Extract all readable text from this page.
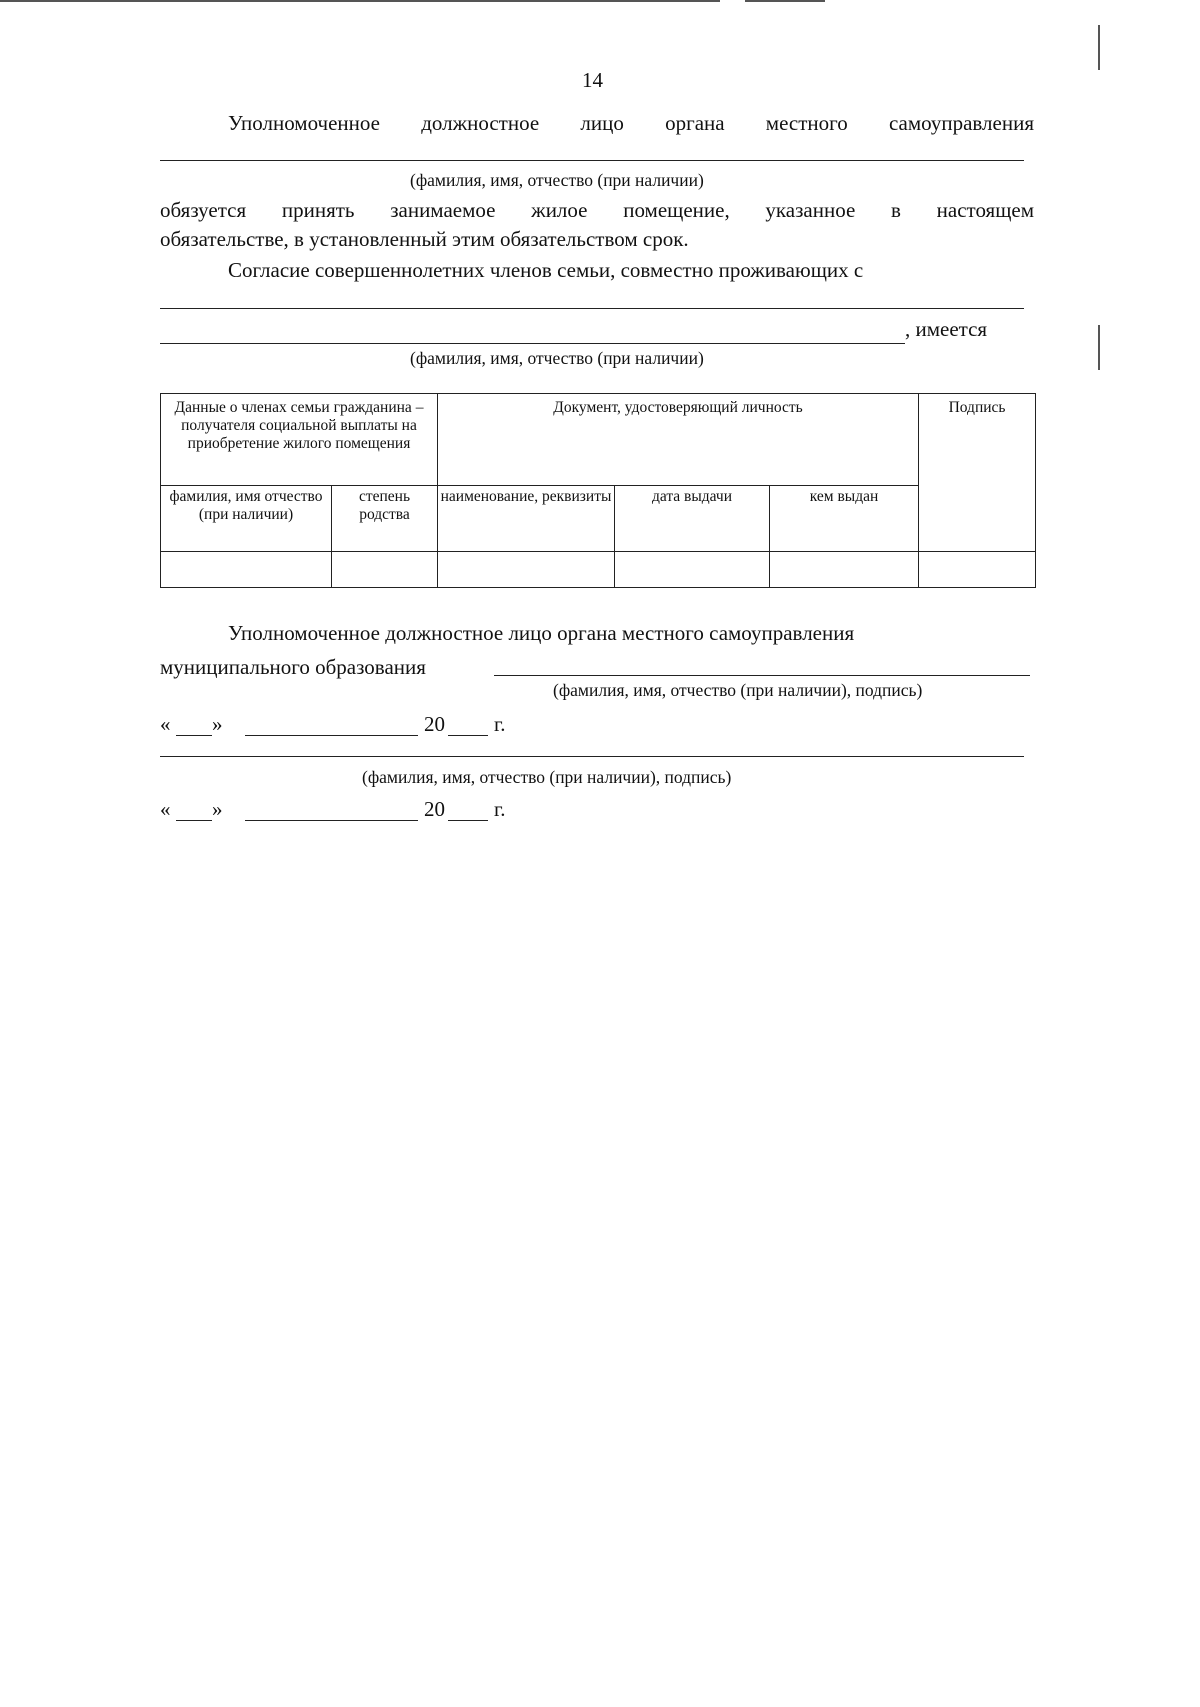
14
Уполномоченное должностное лицо органа местного самоуправления
(фамилия, имя, отчество (при наличии)
обязуется принять занимаемое жилое помещение, указанное в настоящем
обязательстве, в установленный этим обязательством срок.
Согласие совершеннолетних членов семьи, совместно проживающих с
, имеется
(фамилия, имя, отчество (при наличии)
Данные о членах семьи гражданина – получателя социальной выплаты на приобретение жилого помещения		Документ, удостоверяющий личность			Подпись
фамилия, имя отчество (при наличии)	степень родства	наименование, реквизиты	дата выдачи	кем выдан	

Уполномоченное должностное лицо органа местного самоуправления
муниципального образования
(фамилия, имя, отчество (при наличии), подпись)
« »	20 г.
(фамилия, имя, отчество (при наличии), подпись)
« »	20 г.
